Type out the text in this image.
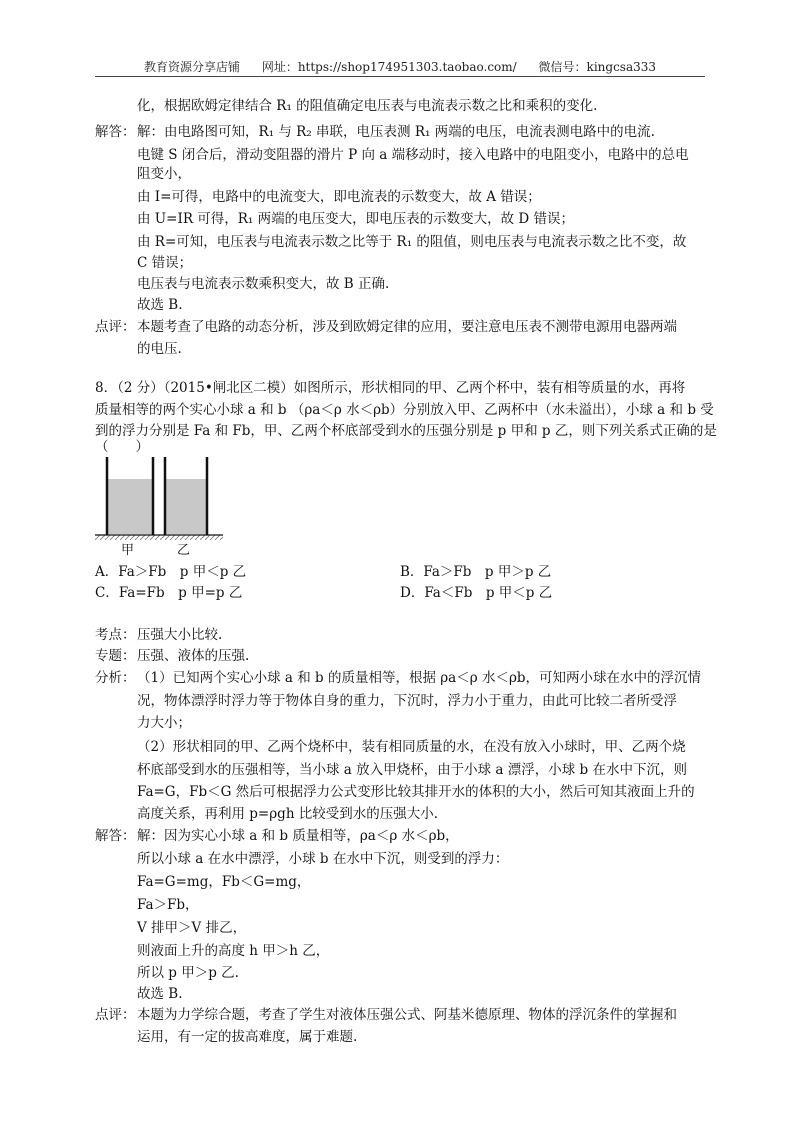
教育资源分享店铺 网址：https://shop174951303.taobao.com/ 微信号：kingcsa333
化，根据欧姆定律结合 R₁ 的阻值确定电压表与电流表示数之比和乘积的变化.
解答： 解：由电路图可知，R₁ 与 R₂ 串联，电压表测 R₁ 两端的电压，电流表测电路中的电流.
电键 S 闭合后，滑动变阻器的滑片 P 向 a 端移动时，接入电路中的电阻变小，电路中的总电
阻变小，
由 I=可得，电路中的电流变大，即电流表的示数变大，故 A 错误；
由 U=IR 可得，R₁ 两端的电压变大，即电压表的示数变大，故 D 错误；
由 R=可知，电压表与电流表示数之比等于 R₁ 的阻值，则电压表与电流表示数之比不变，故
C 错误；
电压表与电流表示数乘积变大，故 B 正确.
故选 B.
点评： 本题考查了电路的动态分析，涉及到欧姆定律的应用，要注意电压表不测带电源用电器两端
的电压.
8．（2 分）（2015•闸北区二模）如图所示，形状相同的甲、乙两个杯中，装有相等质量的水，再将
质量相等的两个实心小球 a 和 b （ρa＜ρ 水＜ρb）分别放入甲、乙两杯中（水未溢出），小球 a 和 b 受
到的浮力分别是 Fa 和 Fb，甲、乙两个杯底部受到水的压强分别是 p 甲和 p 乙，则下列关系式正确的是
（　　）
甲	乙
A．Fa＞Fb　p 甲＜p 乙	B．Fa＞Fb　p 甲＞p 乙
C．Fa=Fb　p 甲=p 乙	D．Fa＜Fb　p 甲＜p 乙
考点： 压强大小比较.
专题： 压强、液体的压强.
分析： （1）已知两个实心小球 a 和 b 的质量相等，根据 ρa＜ρ 水＜ρb，可知两小球在水中的浮沉情
况，物体漂浮时浮力等于物体自身的重力，下沉时，浮力小于重力，由此可比较二者所受浮
力大小；
（2）形状相同的甲、乙两个烧杯中，装有相同质量的水，在没有放入小球时，甲、乙两个烧
杯底部受到水的压强相等，当小球 a 放入甲烧杯，由于小球 a 漂浮，小球 b 在水中下沉，则
Fa=G，Fb＜G 然后可根据浮力公式变形比较其排开水的体积的大小，然后可知其液面上升的
高度关系，再利用 p=ρgh 比较受到水的压强大小.
解答： 解：因为实心小球 a 和 b 质量相等，ρa＜ρ 水＜ρb，
所以小球 a 在水中漂浮，小球 b 在水中下沉，则受到的浮力：
Fa=G=mg，Fb＜G=mg，
Fa＞Fb，
V 排甲＞V 排乙，
则液面上升的高度 h 甲＞h 乙，
所以 p 甲＞p 乙.
故选 B.
点评： 本题为力学综合题，考查了学生对液体压强公式、阿基米德原理、物体的浮沉条件的掌握和
运用，有一定的拔高难度，属于难题.
